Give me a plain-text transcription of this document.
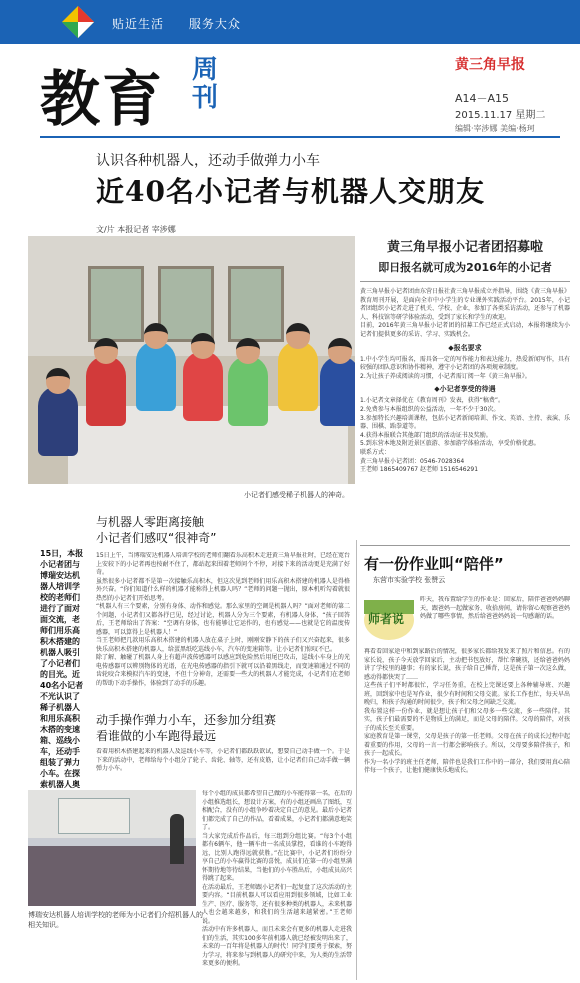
贴近生活 服务大众
教育 周刊
黄三角早报
A14－A15
2015.11.17 星期二
编辑·宰涉娜 美编·杨珂
认识各种机器人，还动手做弹力小车
近40名小记者与机器人交朋友
文/片 本报记者 宰涉娜
小记者们感受稀子机器人的神奇。
黄三角早报小记者团招募啦
即日报名就可成为2016年的小记者
黄三角早报小记者团由东营日报社黄三角早报成立并指导，围绕《黄三角早报》教育周刊开展，是面向全市中小学生的专业课外实践活动平台。2015年，小记者团组织小记者走进了机关、学校、企业，参加了各类采访活动，还参与了机器人、科技馆等研学体验活动，受到了家长和学生的欢迎。
目前，2016年黄三角早报小记者团的招募工作已经正式启动，本报将继续为小记者们提供更多的采访、学习、实践机会。
◆报名要求
1.中小学生均可报名，需具备一定的写作能力和表达能力，热爱新闻写作，具有较强的团队意识和协作精神，遵守小记者团的各项规章制度。
2.为让孩子养成阅读的习惯，小记者需订阅一年《黄三角早报》。
◆小记者享受的待遇
1.小记者文章择优在《教育周刊》发表，获得“稿费”。
2.免费参与本报组织的公益活动，一年不少于30次。
3.参加特长兴趣培训课程，包括小记者新闻培训、作文、英语、主持、表演、乐器、围棋、跆拳道等。
4.获得本报联合其他部门组织的活动证书及奖励。
5.到东营本地及附近景区旅游、参加游学体验活动，享受价格优惠。
联系方式：
黄三角早报小记者团：0546-7028364
王老师 1865409767 赵老师 1516546291
15日，本报小记者团与博瑞安达机器人培训学校的老师们进行了面对面交流，老师们用乐高积木搭建的机器人吸引了小记者们的目光。近40名小记者不光认识了稀子机器人和用乐高积木搭的变速箱、巡线小车，还动手组装了弹力小车。在探索机器人奥
与机器人零距离接触
小记者们感叹“很神奇”
15日上午，当博瑞安达机器人培训学校的老师们翻看乐高积木走进黄三角早报社时，已经在宽台上安较下的小记者再也按耐不住了，都站起来围着老师问个不停，对接下来的活动更是充满了好奇。
虽然很多小记者都不是第一次接触乐高积木，但这次见到老师们用乐高积木搭建的机器人是得格外兴奋。“你们知道什么样的机器才能称得上机器人吗？”老师的问题一抛出，原本机听勾着就很热烈的小记者们开始思考。
“机器人有三个要素，分别有身体、动作和感觉。那么家里的空调是机器人吗？”面对老师的第二个问题，小记者们又都各抒已见，经过讨论，机器人分为三个要素，有机器人身体，“孩子回答后，王老师给出了答案：“空调有身体，也有能够让它运作的，也有感觉——也就是它的温度传感器，可以算得上是机器人！”
当王老师把几款用乐高积木搭建的机器人放在桌子上时，刚刚安静下的孩子们又兴奋起来，很多快乐高积木搭建的机器人，给蛋黑纸吃巡线小车，汽车的变速箱等。让小记者们惊叹不已。
除了解、触碰了机器人身上有超声波传感器可以感应到危险然后用尾巴攻击，巡线小车身上的光电传感器可以辨别物体的光谱，在光电传感器的指引下就可以沿着黑线走，而变速箱通过不同的齿轮咬合来模拟汽车的变速，不但十分神奇，还需要一些大的机器人才能完成，小记者们在老师的帮助下动手操作，体验到了动手的乐趣。
动手操作弹力小车，还参加分组赛
看谁做的小车跑得最远
看着用积木搭建起来的机器人及巡线小车等，小记者们都跃跃欲试，想要自己动手做一个。于是下来的活动中，老师给每个小组分了轮子、齿轮、轴等，还有皮筋，让小记者们自己动手做一辆弹力小车。
博瑞安达机器人培训学校的老师为小记者们介绍机器人的相关知识。
每个小组的成员都希望自己做的小车能得第一名，在后的小组推选组长，想设计方案，有的小组还画出了图纸，互相配合，没有的小组争吵着决定自己的意见。最后小记者们都完成了自己的作品，看着成果，小记者们都满意地笑了。
当大家完成后作品后，每三组到分组比赛。“每3个小组都有6辆车，他一辆车由一名成员掌控，看谁的小车跑得远，比别人跑得远就获胜。”在比赛中，小记者们纷纷分享自己的小车赢得比赛的喜悦，成员们在第一的小组里满怀期待地等待结果，当他们的小车胜出后，小组成员高兴得跳了起来。
在活动最后，王老师跟小记者们一起复盘了这次活动的主要内容。“目前机器人可以看应用到很多领域，比如工业生产、医疗、服务等，还有很多种类的机器人，未来机器人也会越来越多，和我们的生活越来越紧密。”王老师说。
活动中有许多机器人，而且未来会有更多的机器人走进我们的生活，其实100多年前机器人就已经被发明出来了，未来的一百年将是机器人的时代！同学们要勇于探索，努力学习，将来参与到机器人的研究中来，为人类的生活带来更多的便利。
有一份作业叫“陪伴”
东营市实验学校 张赞云
师者说
昨天，我布置给学生的作业是：回家后，陪伴爸爸妈妈聊天，跟爸妈一起做家务、收拾房间，请你留心观察爸爸妈妈做了哪些事情，然后给爸爸妈妈说一句感谢的话。
再看看回家途中和到家路后的情况，很多家长都给我发来了照片和信息。有的家长说，孩子今天放学回家后，主动把书包放好，帮忙拿碗筷，还给爸爸妈妈讲了学校里的趣事；有的家长说，孩子给自己捶背，这是孩子第一次这么做，感动得都快哭了……
这些孩子们平时都很忙，学习任务重，在校上完课还要上各种辅导班、兴趣班，回到家中也是写作业，很少有时间和父母交流。家长工作也忙，每天早出晚归，和孩子沟通的时间很少，孩子和父母之间缺乏交流。
我布置这样一份作业，就是想让孩子们和父母多一些交流，多一些陪伴。其实，孩子们最需要的不是物质上的满足，而是父母的陪伴。父母的陪伴，对孩子的成长至关重要。
家庭教育是第一课堂，父母是孩子的第一任老师。父母在孩子的成长过程中起着重要的作用，父母的一言一行都会影响孩子。所以，父母要多陪伴孩子，和孩子一起成长。
作为一名小学的班主任老师，陪伴也是我们工作中的一部分，我们要用真心陪伴每一个孩子，让他们健康快乐地成长。
